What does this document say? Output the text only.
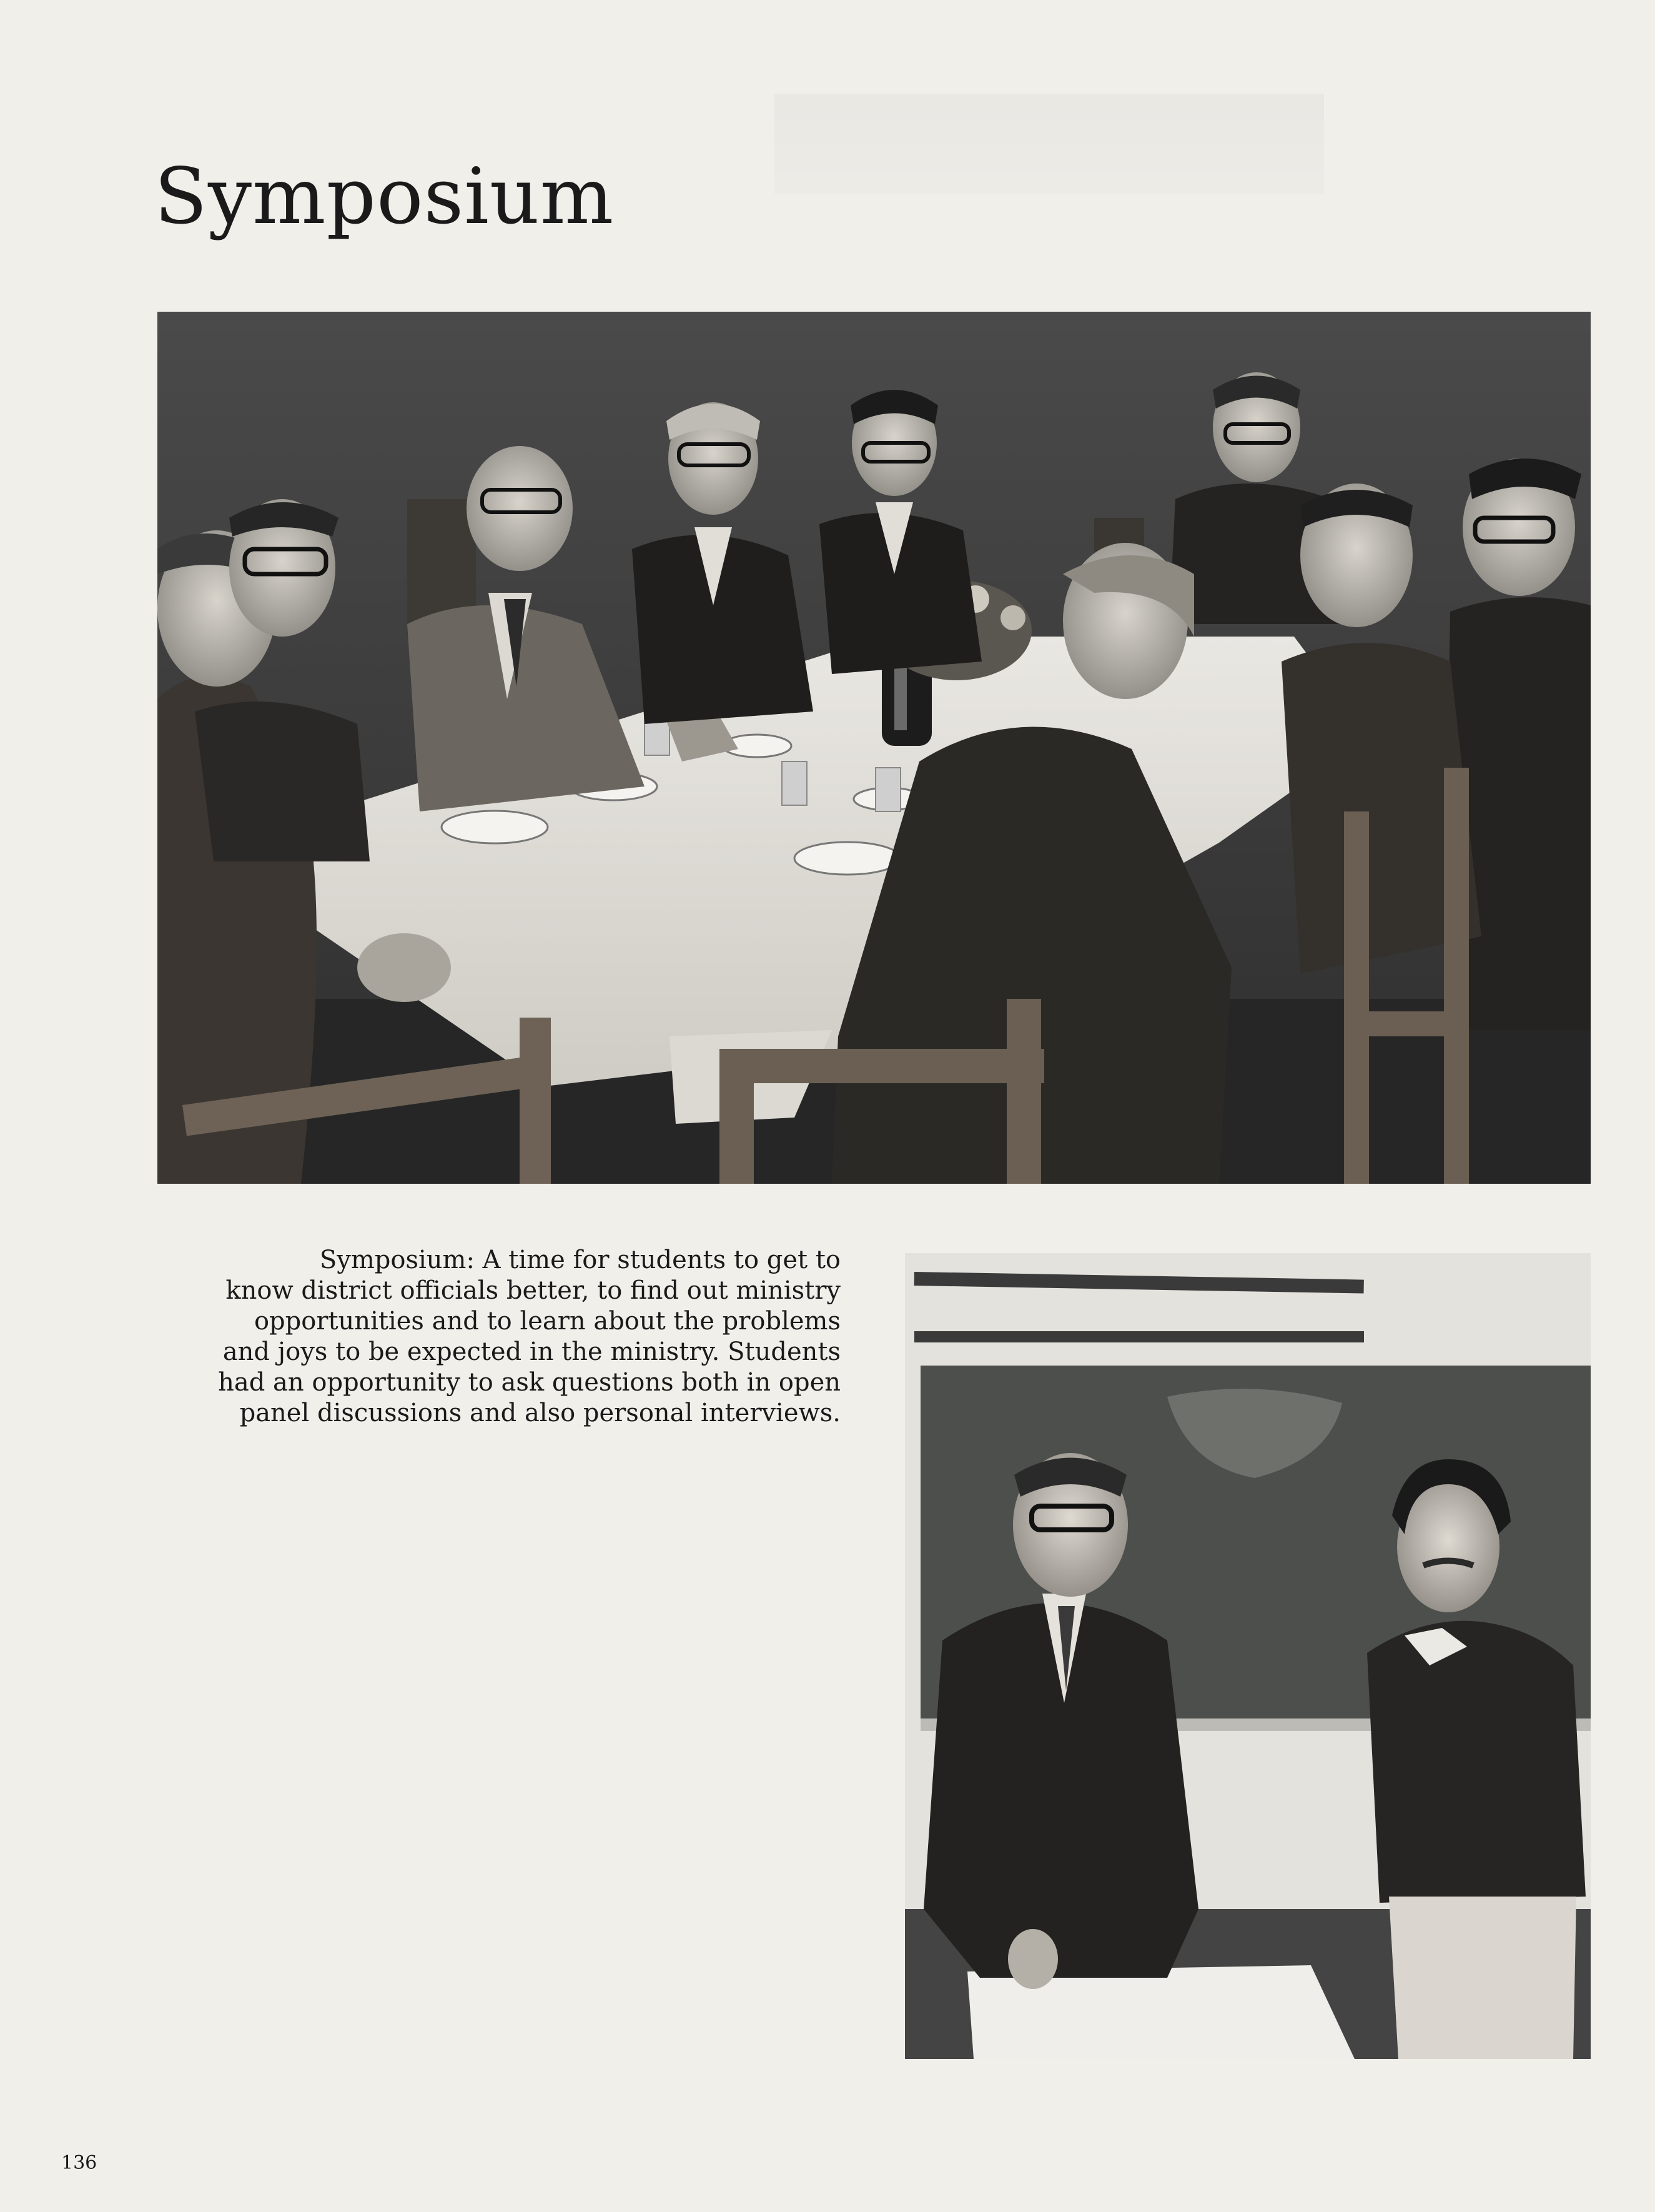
Symposium
Symposium: A time for students to get to
know district officials better, to find out ministry
opportunities and to learn about the problems
and joys to be expected in the ministry. Students
had an opportunity to ask questions both in open
panel discussions and also personal interviews.
136
